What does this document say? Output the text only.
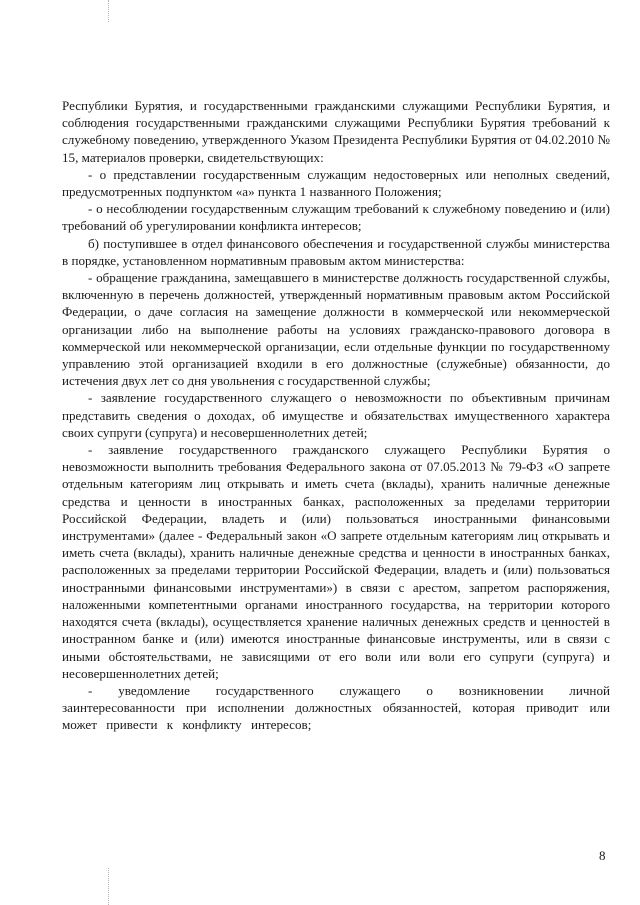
Республики Бурятия, и государственными гражданскими служащими Республики Бурятия, и соблюдения государственными гражданскими служащими Республики Бурятия требований к служебному поведению, утвержденного Указом Президента Республики Бурятия от 04.02.2010 № 15, материалов проверки, свидетельствующих:

- о представлении государственным служащим недостоверных или неполных сведений, предусмотренных подпунктом «а» пункта 1 названного Положения;

- о несоблюдении государственным служащим требований к служебному поведению и (или) требований об урегулировании конфликта интересов;

б) поступившее в отдел финансового обеспечения и государственной службы министерства в порядке, установленном нормативным правовым актом министерства:

- обращение гражданина, замещавшего в министерстве должность государственной службы, включенную в перечень должностей, утвержденный нормативным правовым актом Российской Федерации, о даче согласия на замещение должности в коммерческой или некоммерческой организации либо на выполнение работы на условиях гражданско-правового договора в коммерческой или некоммерческой организации, если отдельные функции по государственному управлению этой организацией входили в его должностные (служебные) обязанности, до истечения двух лет со дня увольнения с государственной службы;

- заявление государственного служащего о невозможности по объективным причинам представить сведения о доходах, об имуществе и обязательствах имущественного характера своих супруги (супруга) и несовершеннолетних детей;

- заявление государственного гражданского служащего Республики Бурятия о невозможности выполнить требования Федерального закона от 07.05.2013 № 79-ФЗ «О запрете отдельным категориям лиц открывать и иметь счета (вклады), хранить наличные денежные средства и ценности в иностранных банках, расположенных за пределами территории Российской Федерации, владеть и (или) пользоваться иностранными финансовыми инструментами» (далее - Федеральный закон «О запрете отдельным категориям лиц открывать и иметь счета (вклады), хранить наличные денежные средства и ценности в иностранных банках, расположенных за пределами территории Российской Федерации, владеть и (или) пользоваться иностранными финансовыми инструментами») в связи с арестом, запретом распоряжения, наложенными компетентными органами иностранного государства, на территории которого находятся счета (вклады), осуществляется хранение наличных денежных средств и ценностей в иностранном банке и (или) имеются иностранные финансовые инструменты, или в связи с иными обстоятельствами, не зависящими от его воли или воли его супруги (супруга) и несовершеннолетних детей;

- уведомление государственного служащего о возникновении личной заинтересованности при исполнении должностных обязанностей, которая приводит или может привести к конфликту интересов;

8
